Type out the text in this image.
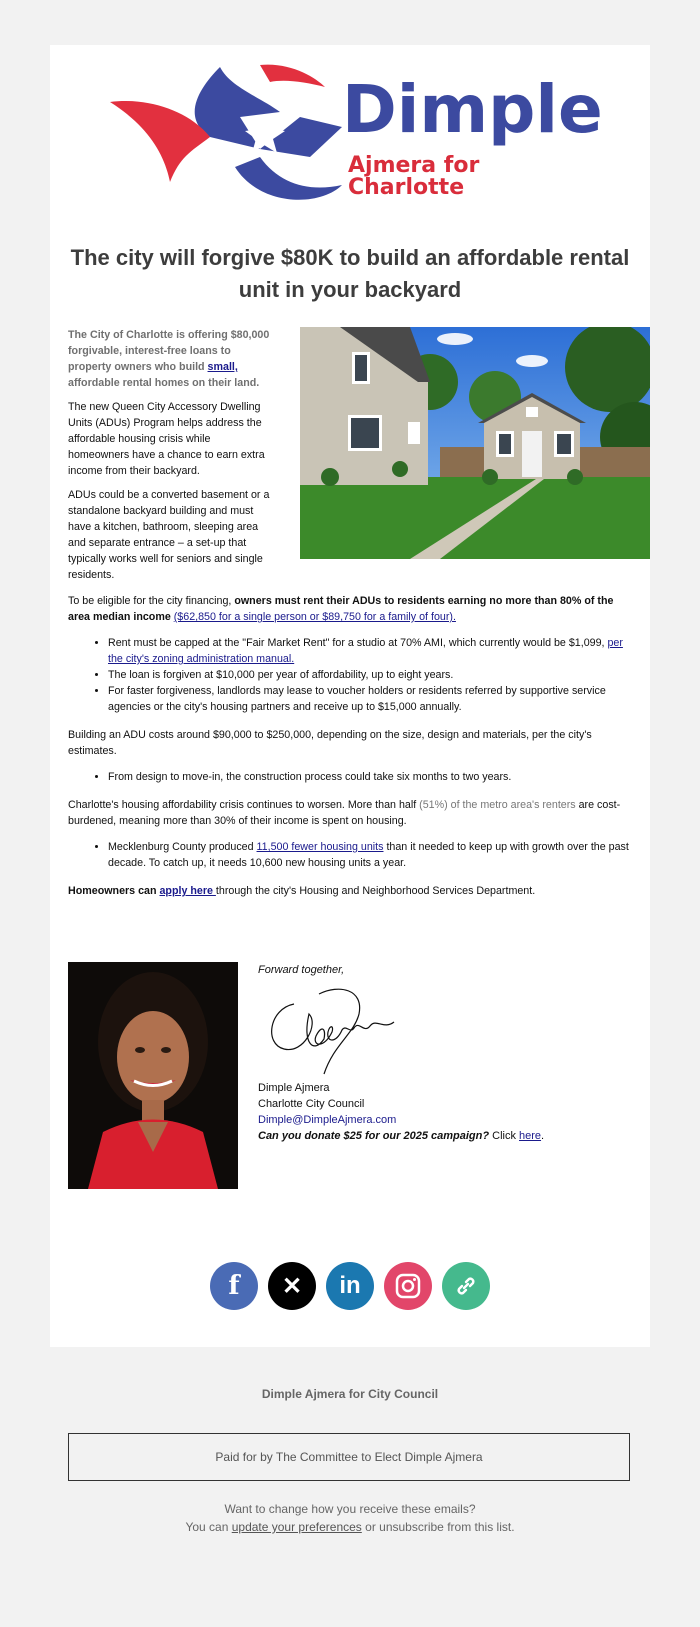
Dimple
Ajmera for Charlotte
The city will forgive $80K to build an affordable rental unit in your backyard

The City of Charlotte is offering $80,000 forgivable, interest-free loans to property owners who build small, affordable rental homes on their land.

The new Queen City Accessory Dwelling Units (ADUs) Program helps address the affordable housing crisis while homeowners have a chance to earn extra income from their backyard.

ADUs could be a converted basement or a standalone backyard building and must have a kitchen, bathroom, sleeping area and separate entrance – a set-up that typically works well for seniors and single residents.

To be eligible for the city financing, owners must rent their ADUs to residents earning no more than 80% of the area median income ($62,850 for a single person or $89,750 for a family of four).

• Rent must be capped at the "Fair Market Rent" for a studio at 70% AMI, which currently would be $1,099, per the city's zoning administration manual.
• The loan is forgiven at $10,000 per year of affordability, up to eight years.
• For faster forgiveness, landlords may lease to voucher holders or residents referred by supportive service agencies or the city's housing partners and receive up to $15,000 annually.

Building an ADU costs around $90,000 to $250,000, depending on the size, design and materials, per the city's estimates.

• From design to move-in, the construction process could take six months to two years.

Charlotte's housing affordability crisis continues to worsen. More than half (51%) of the metro area's renters are cost-burdened, meaning more than 30% of their income is spent on housing.

• Mecklenburg County produced 11,500 fewer housing units than it needed to keep up with growth over the past decade. To catch up, it needs 10,600 new housing units a year.

Homeowners can apply here through the city's Housing and Neighborhood Services Department.

Forward together,
Dimple Ajmera
Charlotte City Council
Dimple@DimpleAjmera.com
Can you donate $25 for our 2025 campaign? Click here.
f	✕	in
Dimple Ajmera for City Council
Paid for by The Committee to Elect Dimple Ajmera
Want to change how you receive these emails?
You can update your preferences or unsubscribe from this list.
